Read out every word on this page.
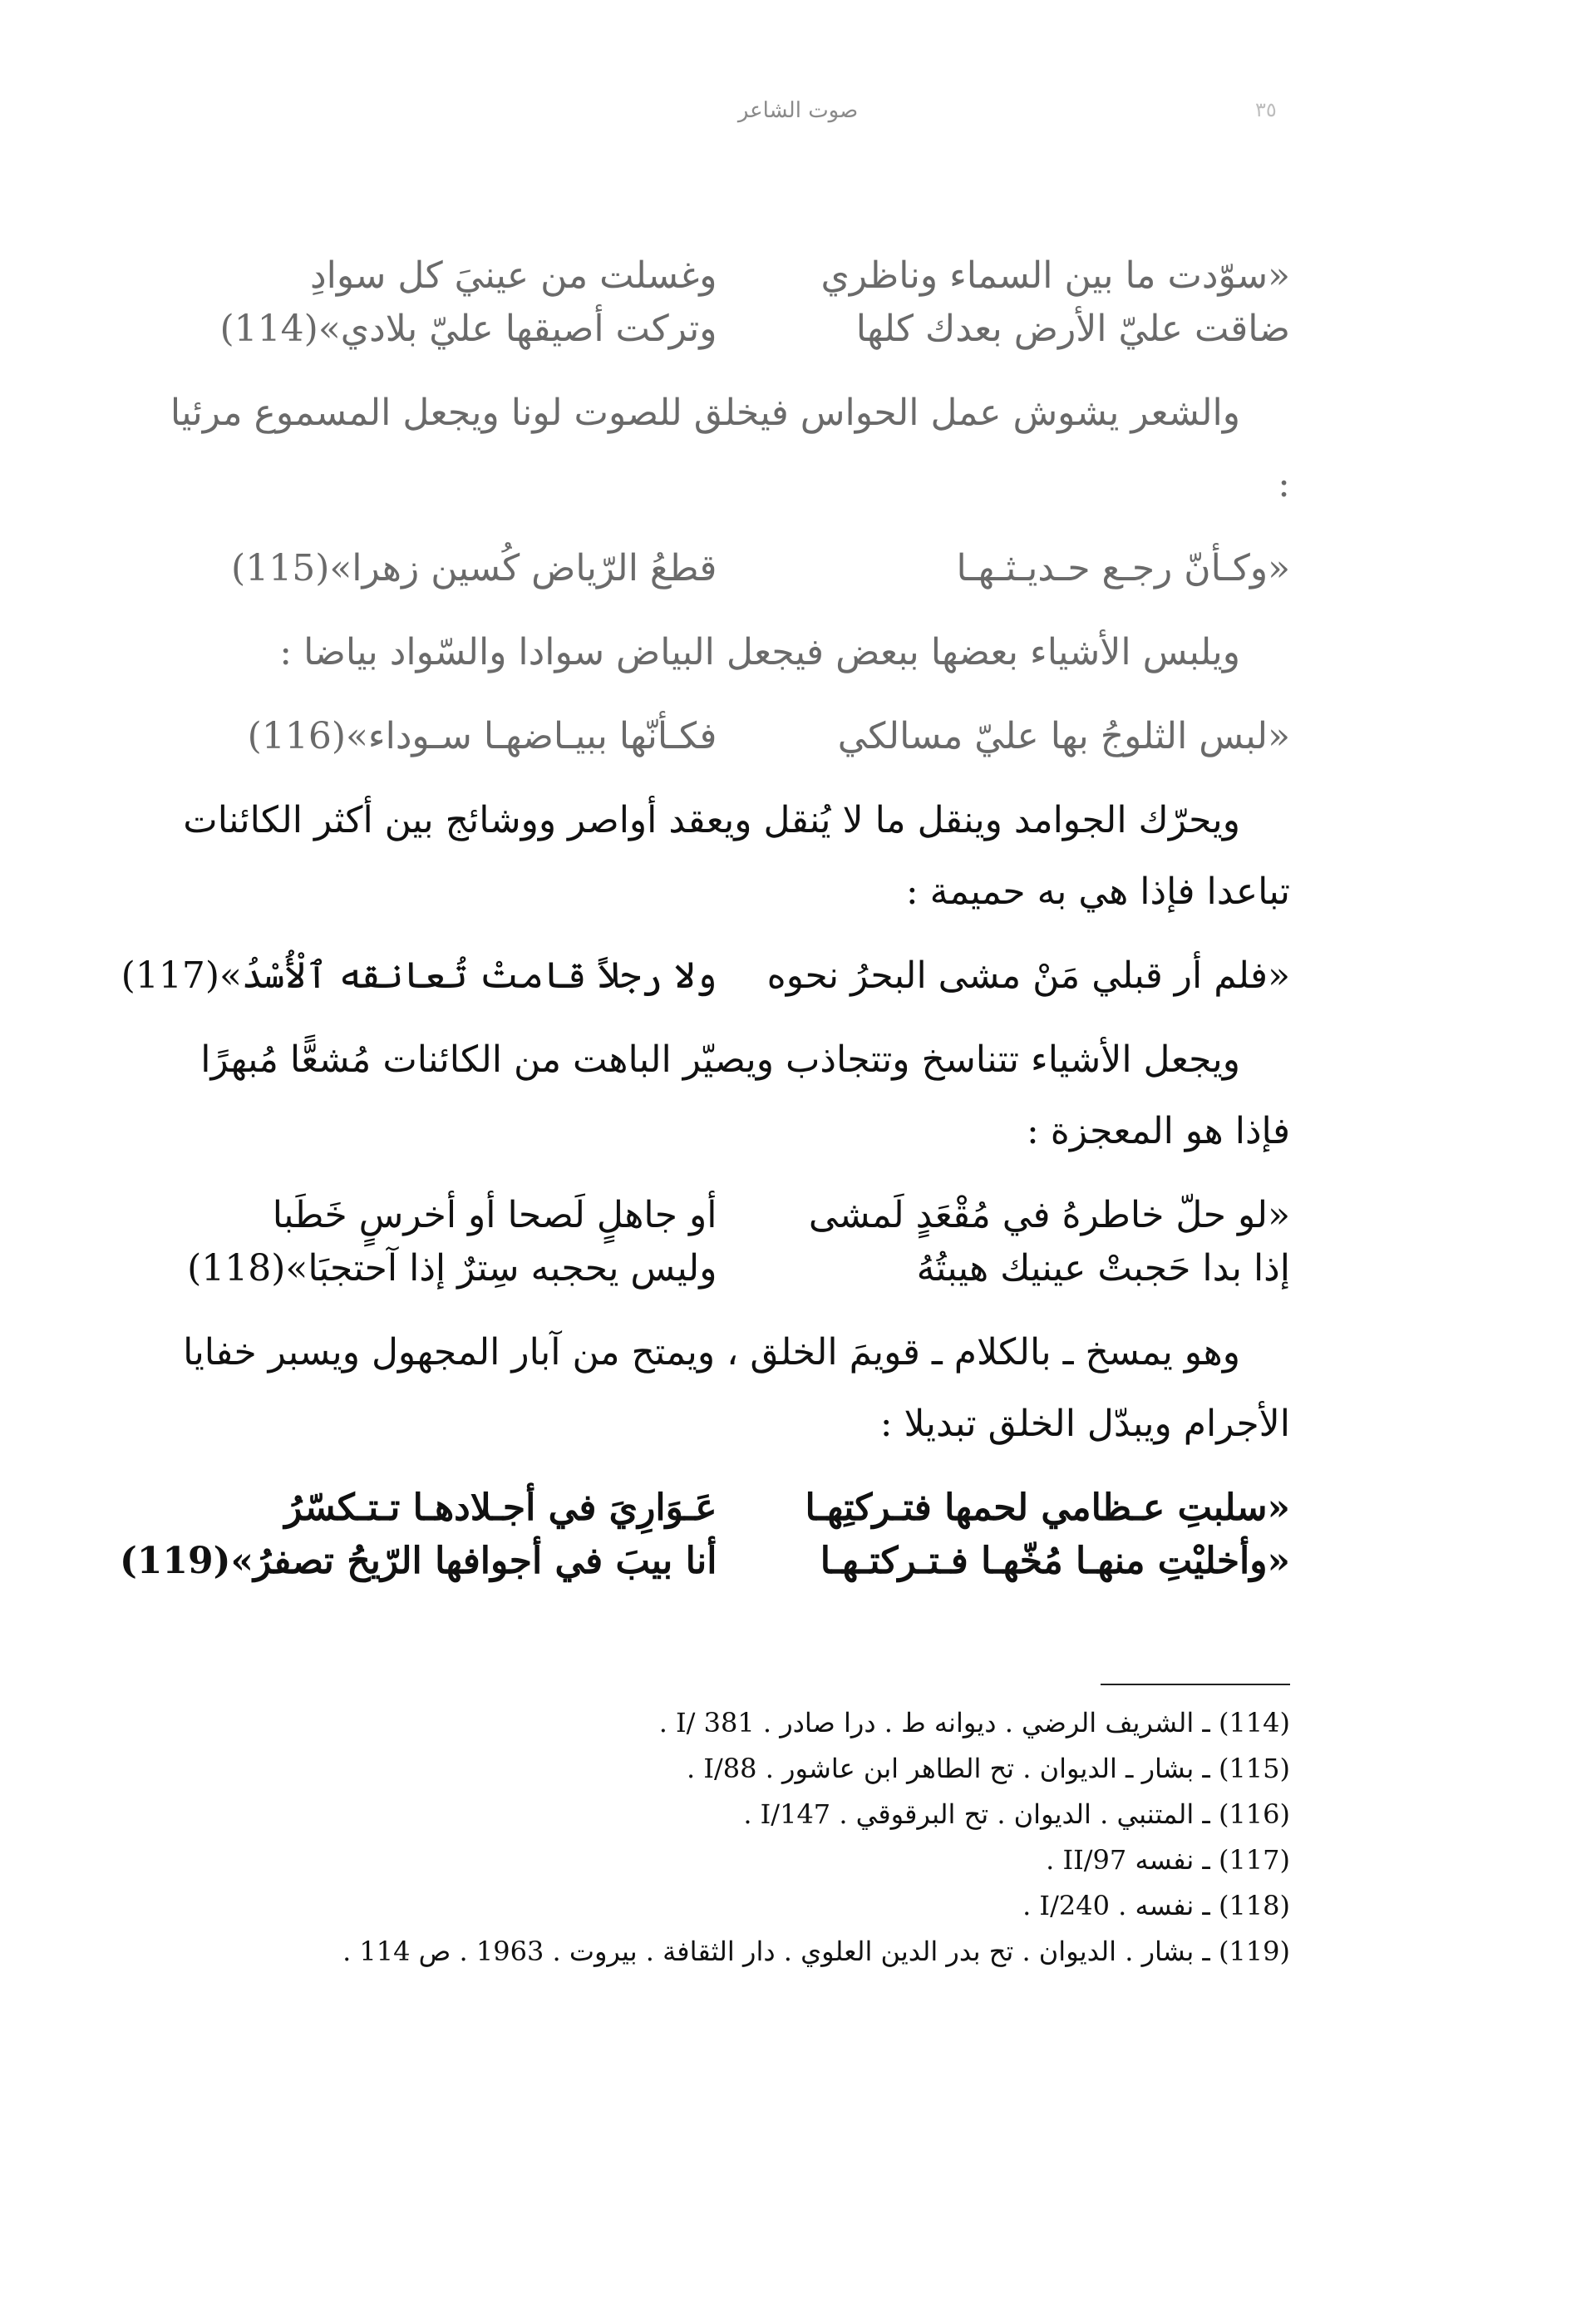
صوت الشاعر	٣٥
«سوّدت ما بين السماء وناظري
وغسلت من عينيَ كل سوادِ
ضاقت عليّ الأرض بعدك كلها
وتركت أصيقها عليّ بلادي»(114)
والشعر يشوش عمل الحواس فيخلق للصوت لونا ويجعل المسموع مرئيا :
«وكـأنّ رجـع حـديـثـهـا
قطعُ الرّياض كُسين زهرا»(115)
ويلبس الأشياء بعضها ببعض فيجعل البياض سوادا والسّواد بياضا :
«لبس الثلوجُ بها عليّ مسالكي
فكـأنّها ببيـاضهـا سـوداء»(116)
ويحرّك الجوامد وينقل ما لا يُنقل ويعقد أواصر ووشائج بين أكثر الكائنات تباعدا فإذا هي به حميمة :
«فلم أر قبلي مَنْ مشى البحرُ نحوه
ولا رجلاً قامتْ تُعانقه ٱلْأُسْدُ»(117)
ويجعل الأشياء تتناسخ وتتجاذب ويصيّر الباهت من الكائنات مُشعًّا مُبهرًا فإذا هو المعجزة :
«لو حلّ خاطرهُ في مُقْعَدٍ لَمشى
أو جاهلٍ لَصحا أو أخرسٍ خَطَبا
إذا بدا حَجبتْ عينيك هيبتُهُ
وليس يحجبه سِترٌ إذا آحتجبَا»(118)
وهو يمسخ ـ بالكلام ـ قويمَ الخلق ، ويمتح من آبار المجهول ويسبر خفايا الأجرام ويبدّل الخلق تبديلا :
«سلبتِ عـظامي لحمها فتـركتِهـا
عَـوَارِيَ في أجـلادهـا تـتـكسّرُ
«وأخليْتِ منهـا مُخّهـا فـتـركتـهـا
أنا بيبَ في أجوافها الرّيحُ تصفرُ»(119)
(114) ـ الشريف الرضي . ديوانه ط . درا صادر . I/ 381 .
(115) ـ بشار ـ الديوان . تح الطاهر ابن عاشور . 88/I .
(116) ـ المتنبي . الديوان . تح البرقوقي . 147/I .
(117) ـ نفسه 97/II .
(118) ـ نفسه . 240/I .
(119) ـ بشار . الديوان . تح بدر الدين العلوي . دار الثقافة . بيروت . 1963 . ص 114 .
